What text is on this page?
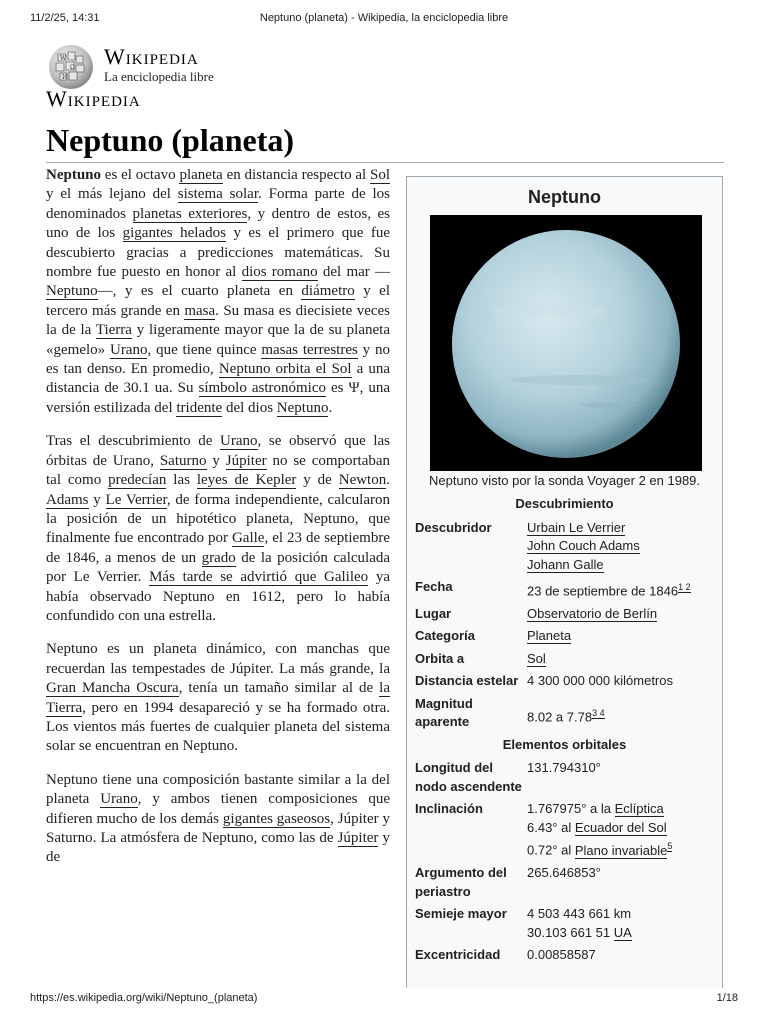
11/2/25, 14:31	Neptuno (planeta) - Wikipedia, la enciclopedia libre
W
Ω
И
Wikipedia
La enciclopedia libre
Wikipedia
Neptuno (planeta)

Neptuno es el octavo planeta en distancia respecto al Sol y el más lejano del sistema solar. Forma parte de los denominados planetas exteriores, y dentro de estos, es uno de los gigantes helados y es el primero que fue descubierto gracias a predicciones matemáticas. Su nombre fue puesto en honor al dios romano del mar —Neptuno—, y es el cuarto planeta en diámetro y el tercero más grande en masa. Su masa es diecisiete veces la de la Tierra y ligeramente mayor que la de su planeta «gemelo» Urano, que tiene quince masas terrestres y no es tan denso. En promedio, Neptuno orbita el Sol a una distancia de 30.1 ua. Su símbolo astronómico es Ψ, una versión estilizada del tridente del dios Neptuno.

Tras el descubrimiento de Urano, se observó que las órbitas de Urano, Saturno y Júpiter no se comportaban tal como predecían las leyes de Kepler y de Newton. Adams y Le Verrier, de forma independiente, calcularon la posición de un hipotético planeta, Neptuno, que finalmente fue encontrado por Galle, el 23 de septiembre de 1846, a menos de un grado de la posición calculada por Le Verrier. Más tarde se advirtió que Galileo ya había observado Neptuno en 1612, pero lo había confundido con una estrella.

Neptuno es un planeta dinámico, con manchas que recuerdan las tempestades de Júpiter. La más grande, la Gran Mancha Oscura, tenía un tamaño similar al de la Tierra, pero en 1994 desapareció y se ha formado otra. Los vientos más fuertes de cualquier planeta del sistema solar se encuentran en Neptuno.

Neptuno tiene una composición bastante similar a la del planeta Urano, y ambos tienen composiciones que difieren mucho de los demás gigantes gaseosos, Júpiter y Saturno. La atmósfera de Neptuno, como las de Júpiter y de

Neptuno
Neptuno visto por la sonda Voyager 2 en 1989.
Descubrimiento	
Descubridor	Urbain Le Verrier
John Couch Adams
Johann Galle
Fecha	23 de septiembre de 1846$^{1 2}$
Lugar	Observatorio de Berlín
Categoría	Planeta
Orbita a	Sol
Distancia estelar	4 300 000 000 kilómetros
Magnitud aparente	8.02 a 7.78$^{3 4}$
Elementos orbitales	
Longitud del nodo ascendente	131.794310°
Inclinación	1.767975° a la Eclíptica
6.43° al Ecuador del Sol
0.72° al Plano invariable$^5$
Argumento del periastro	265.646853°
Semieje mayor	4 503 443 661 km
30.103 661 51 UA
Excentricidad	0.00858587
https://es.wikipedia.org/wiki/Neptuno_(planeta)	1/18
